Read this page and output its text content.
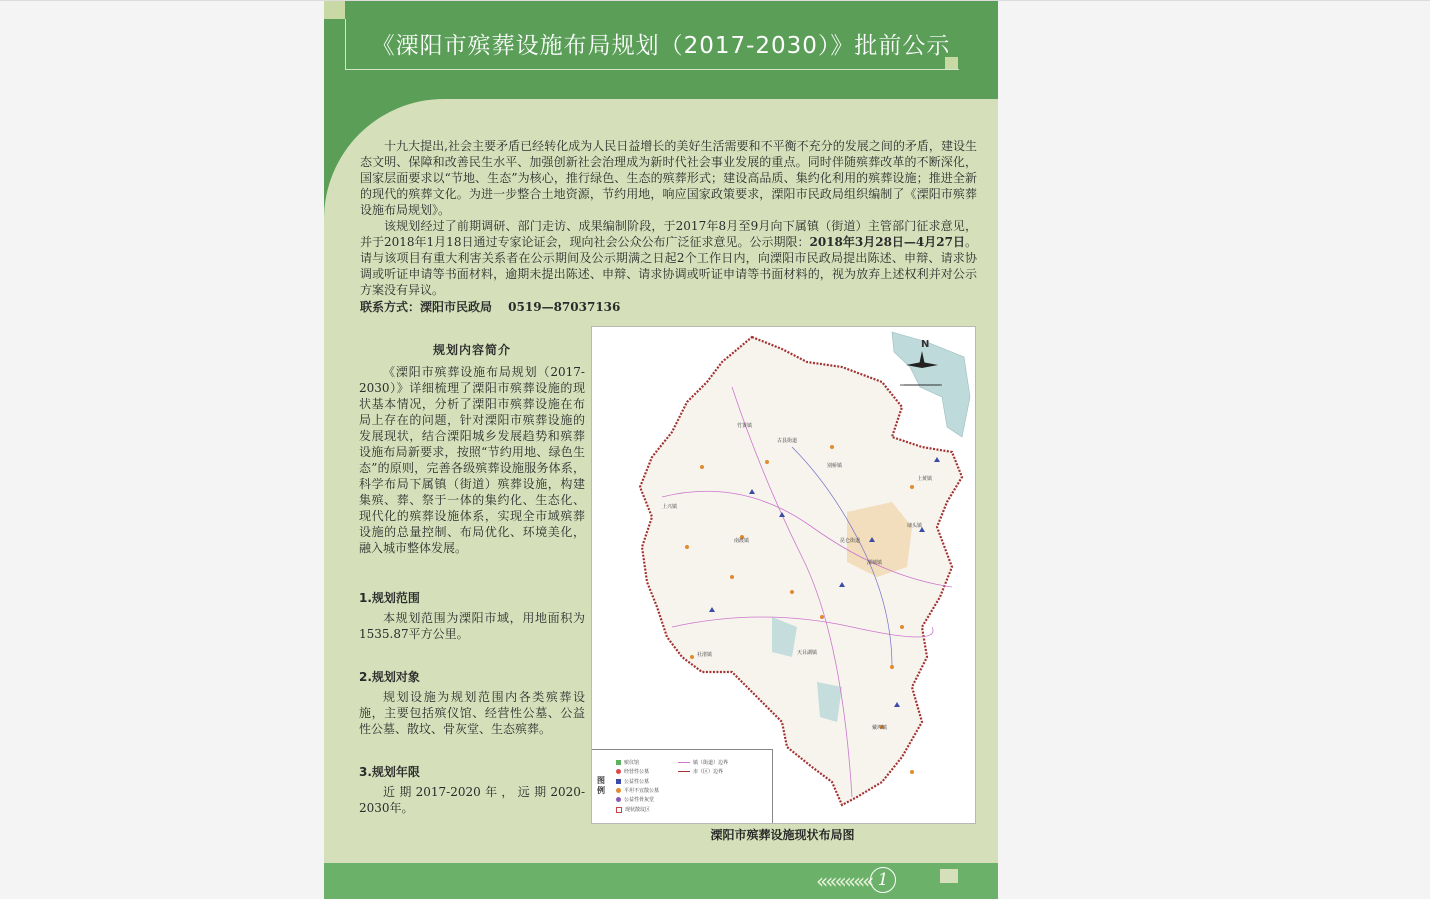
《溧阳市殡葬设施布局规划（2017-2030）》批前公示

十九大提出,社会主要矛盾已经转化成为人民日益增长的美好生活需要和不平衡不充分的发展之间的矛盾，建设生态文明、保障和改善民生水平、加强创新社会治理成为新时代社会事业发展的重点。同时伴随殡葬改革的不断深化，国家层面要求以“节地、生态”为核心，推行绿色、生态的殡葬形式；建设高品质、集约化利用的殡葬设施；推进全新的现代的殡葬文化。为进一步整合土地资源，节约用地，响应国家政策要求，溧阳市民政局组织编制了《溧阳市殡葬设施布局规划》。

该规划经过了前期调研、部门走访、成果编制阶段，于2017年8月至9月向下属镇（街道）主管部门征求意见，并于2018年1月18日通过专家论证会，现向社会公众公布广泛征求意见。公示期限：2018年3月28日—4月27日。请与该项目有重大利害关系者在公示期间及公示期满之日起2个工作日内，向溧阳市民政局提出陈述、申辩、请求协调或听证申请等书面材料，逾期未提出陈述、申辩、请求协调或听证申请等书面材料的，视为放弃上述权利并对公示方案没有异议。

联系方式：溧阳市民政局　 0519—87037136

规划内容简介

《溧阳市殡葬设施布局规划（2017-2030）》详细梳理了溧阳市殡葬设施的现状基本情况，分析了溧阳市殡葬设施在布局上存在的问题，针对溧阳市殡葬设施的发展现状，结合溧阳城乡发展趋势和殡葬设施布局新要求，按照“节约用地、绿色生态”的原则，完善各级殡葬设施服务体系，科学布局下属镇（街道）殡葬设施，构建集殡、葬、祭于一体的集约化、生态化、现代化的殡葬设施体系，实现全市域殡葬设施的总量控制、布局优化、环境美化，融入城市整体发展。

1.规划范围

本规划范围为溧阳市域，用地面积为1535.87平方公里。

2.规划对象

规划设施为规划范围内各类殡葬设施，主要包括殡仪馆、经营性公墓、公益性公墓、散坟、骨灰堂、生态殡葬。

3.规划年限

近期2017-2020年，远期2020-2030年。

N
竹箦镇
社渚镇
上兴镇
天目湖镇
溧城镇
昆仑街道
别桥镇
上黄镇
埭头镇
戴埠镇
南渡镇
古县街道
图例
殡仪馆
经营性公墓
公益性公墓
平坦不宜散公墓
公益性骨灰堂
现状散坟区
镇（街道）边界
市（区）边界
溧阳市殡葬设施现状布局图
«««««« 1
